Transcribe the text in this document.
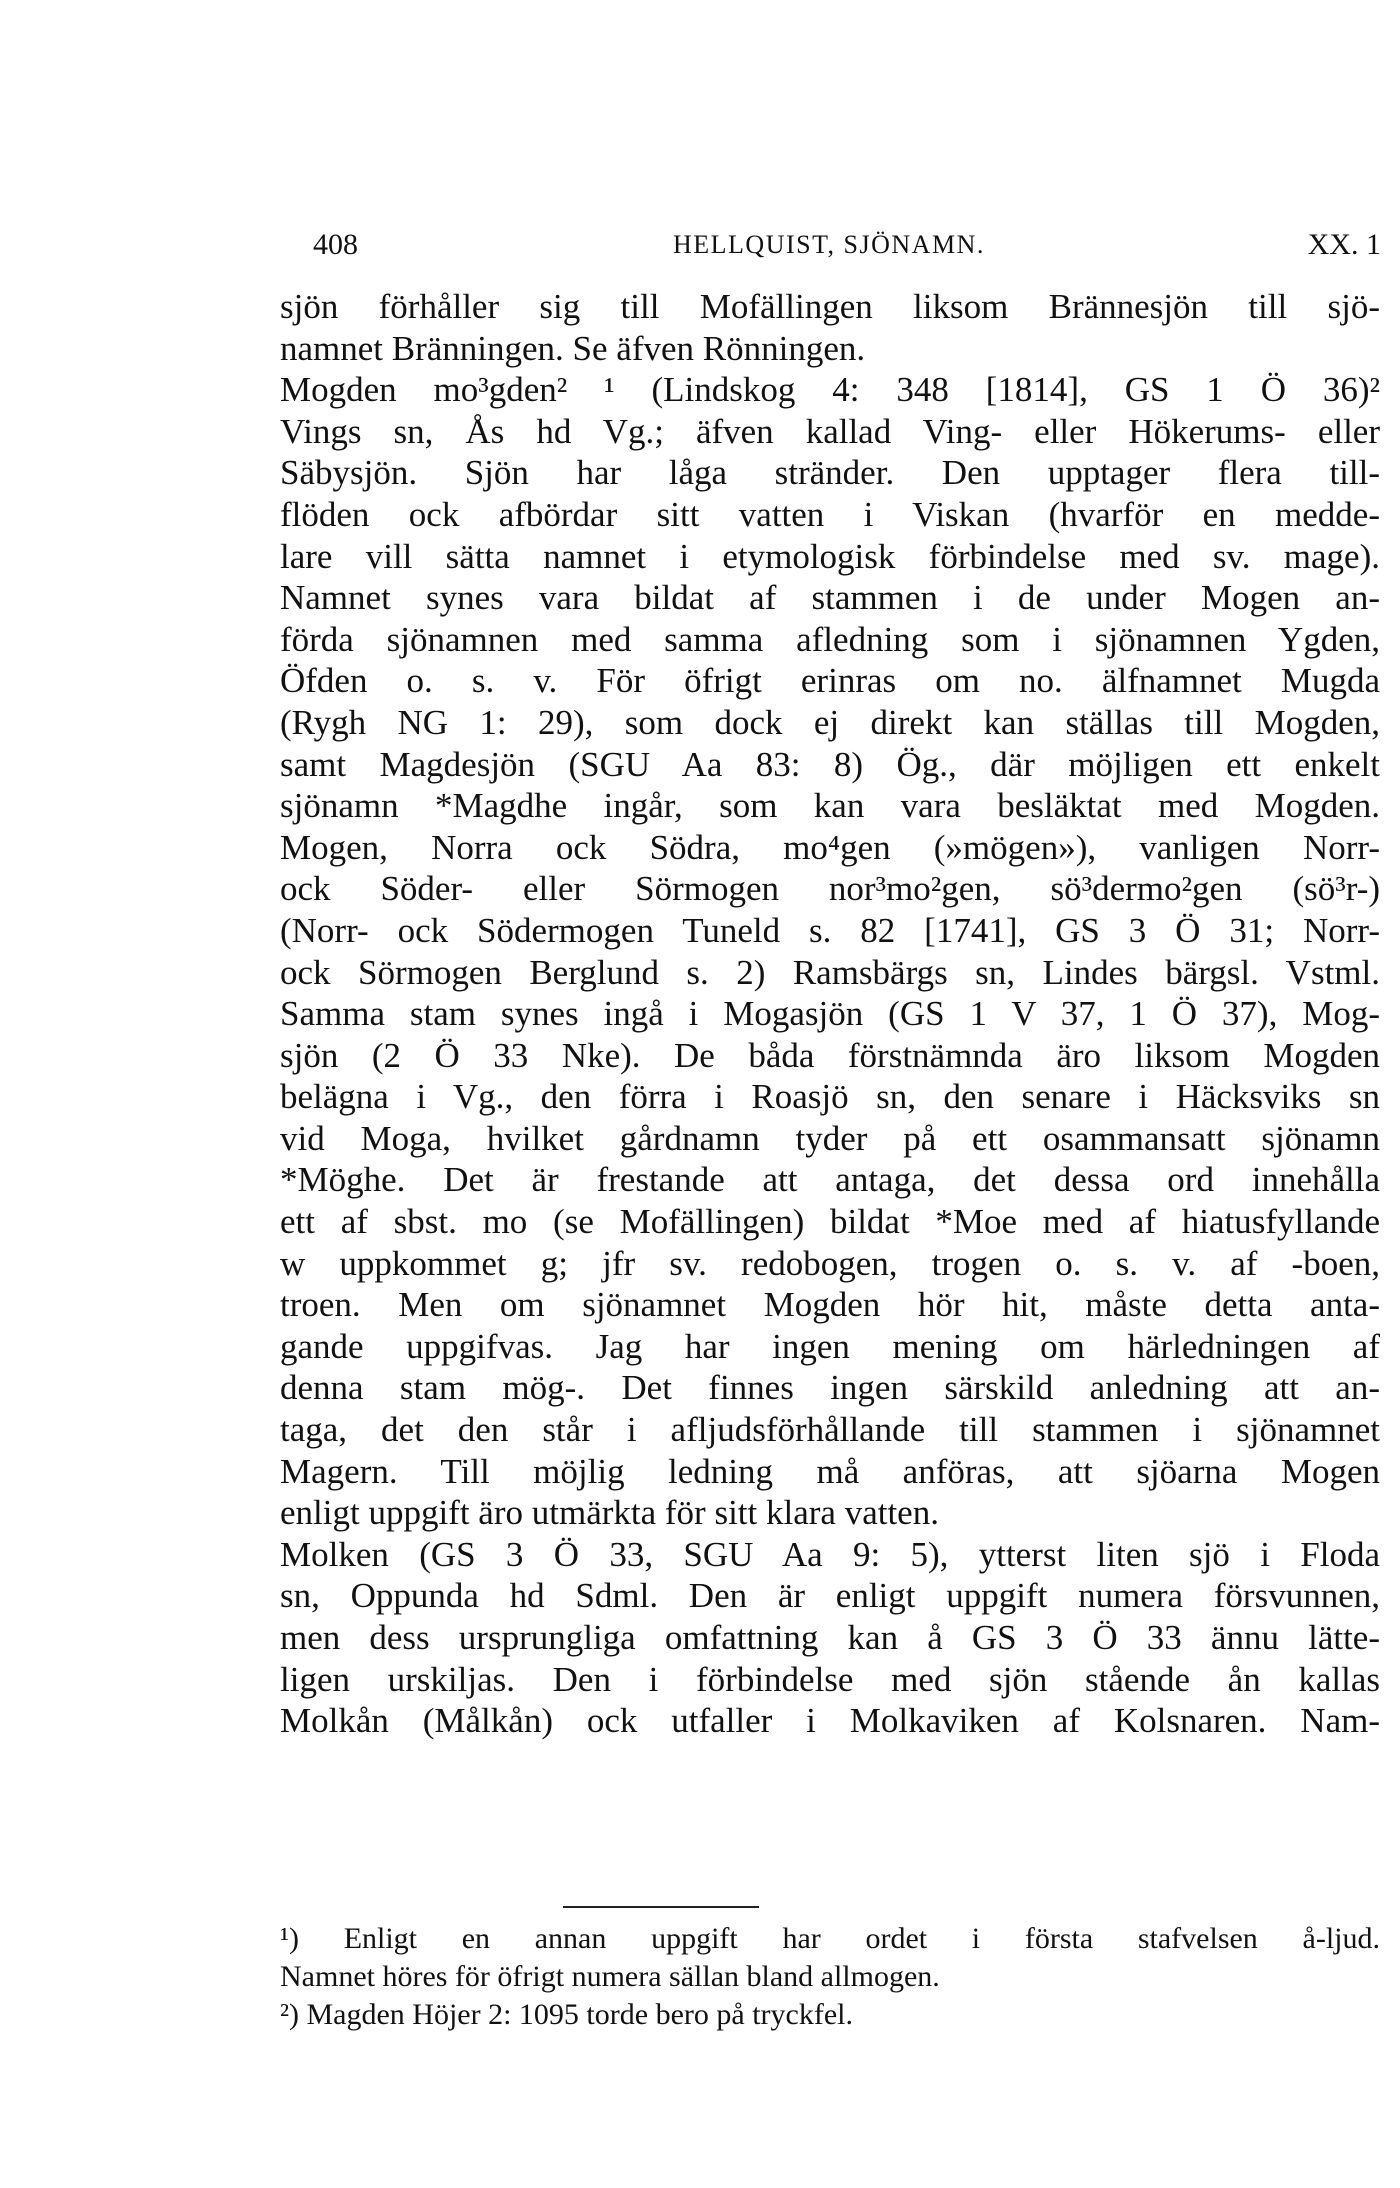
408	HELLQUIST, SJÖNAMN.	XX. 1
sjön förhåller sig till Mofällingen liksom Brännesjön till sjö-
namnet Bränningen. Se äfven Rönningen.
Mogden mo³gden² ¹ (Lindskog 4: 348 [1814], GS 1 Ö 36)²
Vings sn, Ås hd Vg.; äfven kallad Ving- eller Hökerums- eller
Säbysjön. Sjön har låga stränder. Den upptager flera till-
flöden ock afbördar sitt vatten i Viskan (hvarför en medde-
lare vill sätta namnet i etymologisk förbindelse med sv. mage).
Namnet synes vara bildat af stammen i de under Mogen an-
förda sjönamnen med samma afledning som i sjönamnen Ygden,
Öfden o. s. v. För öfrigt erinras om no. älfnamnet Mugda
(Rygh NG 1: 29), som dock ej direkt kan ställas till Mogden,
samt Magdesjön (SGU Aa 83: 8) Ög., där möjligen ett enkelt
sjönamn *Magdhe ingår, som kan vara besläktat med Mogden.
Mogen, Norra ock Södra, mo⁴gen (»mögen»), vanligen Norr-
ock Söder- eller Sörmogen nor³mo²gen, sö³dermo²gen (sö³r-)
(Norr- ock Södermogen Tuneld s. 82 [1741], GS 3 Ö 31; Norr-
ock Sörmogen Berglund s. 2) Ramsbärgs sn, Lindes bärgsl. Vstml.
Samma stam synes ingå i Mogasjön (GS 1 V 37, 1 Ö 37), Mog-
sjön (2 Ö 33 Nke). De båda förstnämnda äro liksom Mogden
belägna i Vg., den förra i Roasjö sn, den senare i Häcksviks sn
vid Moga, hvilket gårdnamn tyder på ett osammansatt sjönamn
*Möghe. Det är frestande att antaga, det dessa ord innehålla
ett af sbst. mo (se Mofällingen) bildat *Moe med af hiatusfyllande
w uppkommet g; jfr sv. redobogen, trogen o. s. v. af -boen,
troen. Men om sjönamnet Mogden hör hit, måste detta anta-
gande uppgifvas. Jag har ingen mening om härledningen af
denna stam mög-. Det finnes ingen särskild anledning att an-
taga, det den står i afljudsförhållande till stammen i sjönamnet
Magern. Till möjlig ledning må anföras, att sjöarna Mogen
enligt uppgift äro utmärkta för sitt klara vatten.
Molken (GS 3 Ö 33, SGU Aa 9: 5), ytterst liten sjö i Floda
sn, Oppunda hd Sdml. Den är enligt uppgift numera försvunnen,
men dess ursprungliga omfattning kan å GS 3 Ö 33 ännu lätte-
ligen urskiljas. Den i förbindelse med sjön stående ån kallas
Molkån (Målkån) ock utfaller i Molkaviken af Kolsnaren. Nam-
¹) Enligt en annan uppgift har ordet i första stafvelsen å-ljud.
Namnet höres för öfrigt numera sällan bland allmogen.
²) Magden Höjer 2: 1095 torde bero på tryckfel.
